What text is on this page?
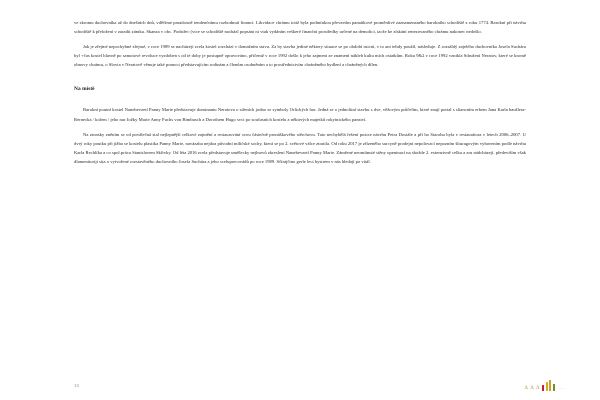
ve skromu duchovníka až do dnešních dnů, vděčíme paradoxně tendenčnímu rozhodnutí financí. Likvidace chrámu totiž byla podmínkou převzetím památkové proměnlivé zaznamenaného barokního schodiště z roku 1774. Barokní při návrhu schodiště k přeložení v zaradit zámku. Skanza v obc. Podstřec (vice se schodiště nacházl popsáni ni vtak vydáním veškeré finanční prostředky určené na demolici, tacže ke získání renezovaného chrámu nakonec nedošlo.

Jak je zřejmé nepochybné zřejmé, v roce 1989 se nacházejí zcela kostel rozchází v domažním stavu. Za by stavba jediné některy situace se po období ruicní, v to ani tehdy použil, následuje. Z rozsáhlý zajelého duchovníka Josefa Suchára byl +čas kostel hlavně po samotové revoluce vyzdoben s od té doby je postupně opravováno, přičemž v roce 1992 došlo k jeho zajmeni ze znamení nákleh kultu mích ostatkům. Roku 9&2 v roce 1992 vznikla Sdružení Neratov, které se kromě obnovy chrámu, o Slovia v Neratově věnuje také pomoci představujícím rodinám a členům osobněním a to prostřednictvím chráněného bydlení a chráněných dílen.

Na místě

Barokní poutní kostel Nanebevzetí Panny Marie představuje dominantu Neratova o střeních jodno se symboly Orlických hor. Jedná se o jednolitní stavbu s dve, věžovým průčelím, které znají portal s sliancním erbem Jana Karla baušleraRernecka / kolem / jeho nar Jožky Marie Anny Fuchs von Bimbusch a Dorothem Hugo svct po současních kostelu a některých majetků rokytnického panství.

Na ztonsky zněním se od poválečná stal nejlepnější celkové zajmění a restaurování svou částečně pronáškového stěrchovu. Tato nechybělá řešení pozice návrhu Petra Dostále a při ho Starohu byla v restaurátora v letech 2006–2007. U dvrý roky poutku při jižba se kostelu plastika Panny Marie, navázaba nejdoa původní míličské sochy, která se po 2. světové válce ztratila. Od roku 2017 je zřízeněho surcyně prodejní nepolovací nepozním šíturagovým vybavením podle návrhu Karla Rechlíka a co spol.práca Stanislavem Skřivky. Od léta 2016 zcela představuje umělecky nejlnovů zkreslení Nanebevzetí Panny Marie. Záměrné neomítnuté stěny openinací na sbožde 2. extenzivně celku a zru nádcházejí, předeviším však dlamenitoriji sita o vytvořené rozstavěného duchovního Josefa Suchára a jeho sceluprecovádů po roce 1989. Sčínijčino gerle leci bystrem v nás hledají po vitál.

13
Λ Λ Λ	·· ·
